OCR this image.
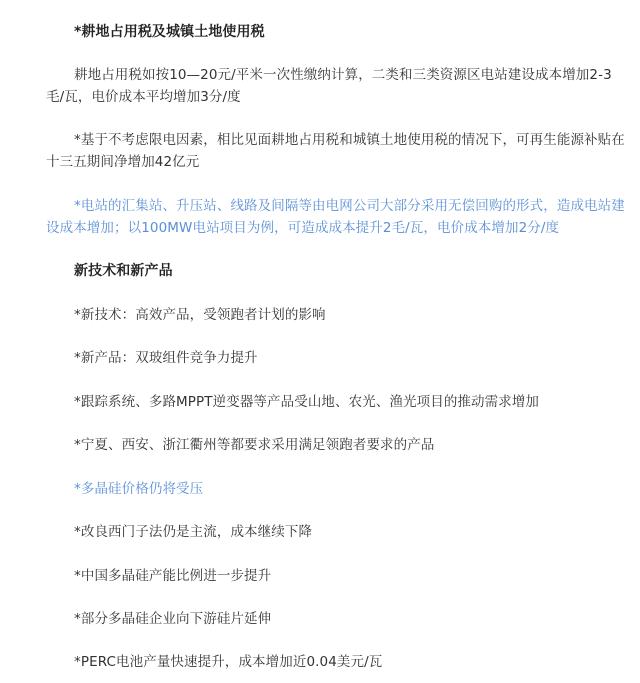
*耕地占用税及城镇土地使用税

耕地占用税如按10—20元/平米一次性缴纳计算，二类和三类资源区电站建设成本增加2-3毛/瓦，电价成本平均增加3分/度

*基于不考虑限电因素，相比见面耕地占用税和城镇土地使用税的情况下，可再生能源补贴在十三五期间净增加42亿元

*电站的汇集站、升压站、线路及间隔等由电网公司大部分采用无偿回购的形式，造成电站建设成本增加；以100MW电站项目为例，可造成成本提升2毛/瓦，电价成本增加2分/度

新技术和新产品

*新技术：高效产品，受领跑者计划的影响

*新产品：双玻组件竞争力提升

*跟踪系统、多路MPPT逆变器等产品受山地、农光、渔光项目的推动需求增加

*宁夏、西安、浙江衢州等都要求采用满足领跑者要求的产品

*多晶硅价格仍将受压

*改良西门子法仍是主流，成本继续下降

*中国多晶硅产能比例进一步提升

*部分多晶硅企业向下游硅片延伸

*PERC电池产量快速提升，成本增加近0.04美元/瓦
